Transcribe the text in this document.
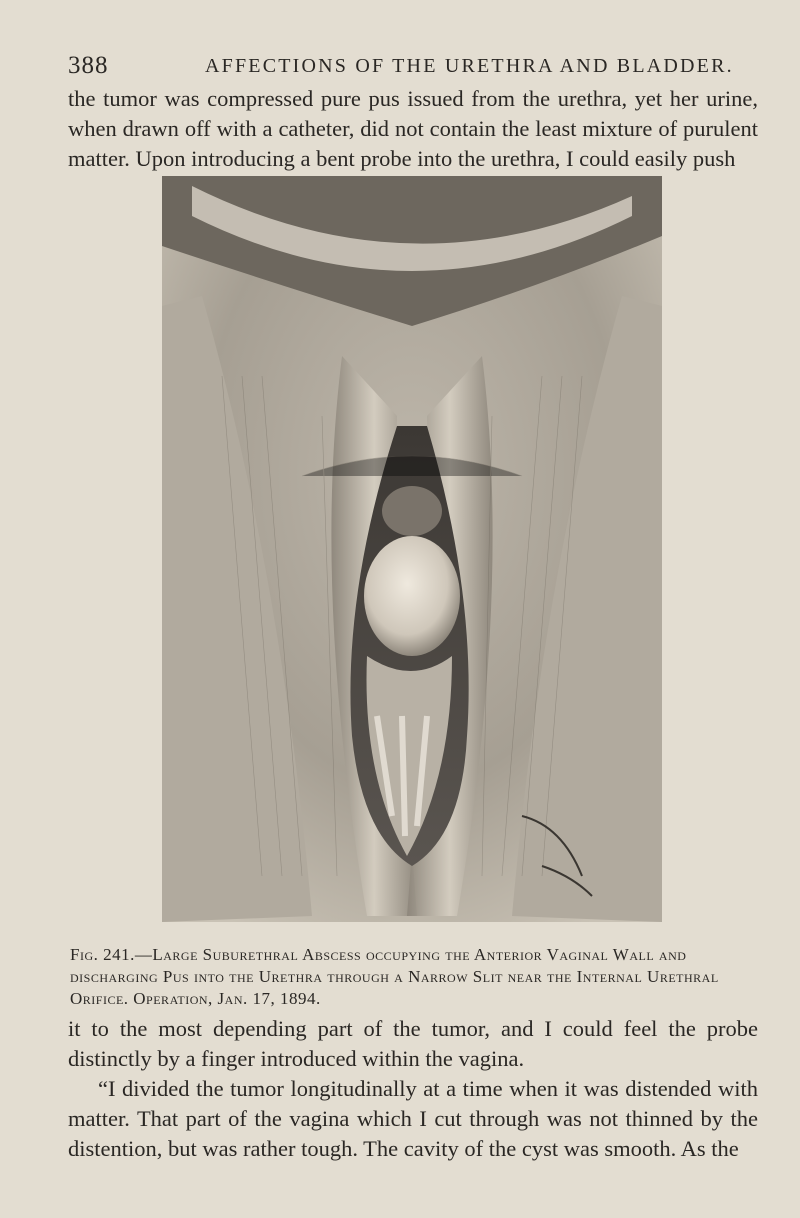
388	AFFECTIONS OF THE URETHRA AND BLADDER.

the tumor was compressed pure pus issued from the urethra, yet her urine, when drawn off with a catheter, did not contain the least mixture of purulent matter. Upon introducing a bent probe into the urethra, I could easily push

Fig. 241.—Large Suburethral Abscess occupying the Anterior Vaginal Wall and discharging Pus into the Urethra through a Narrow Slit near the Internal Urethral Orifice. Operation, Jan. 17, 1894.

it to the most depending part of the tumor, and I could feel the probe distinctly by a finger introduced within the vagina.

“I divided the tumor longitudinally at a time when it was distended with matter. That part of the vagina which I cut through was not thinned by the distention, but was rather tough. The cavity of the cyst was smooth. As the
